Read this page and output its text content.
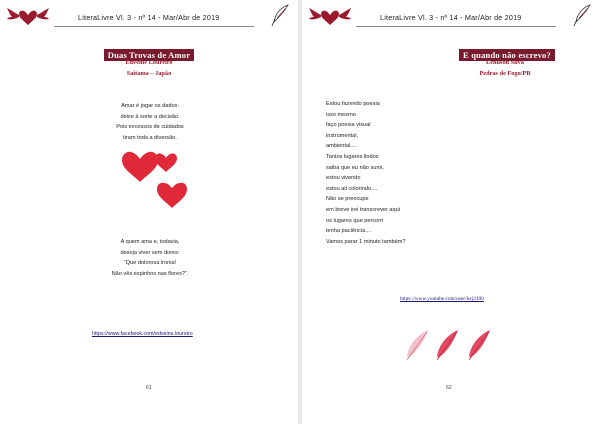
LiteraLivre Vl. 3 - nº 14 - Mar/Abr de 2019
Duas Trovas de Amor
Edveine Loureiro
Saitama – Japão
Amar é jogar os dados:
deixe à sorte a decisão.
Pois excessos de cuidados
tiram toda a diversão.
A quem ama e, todavia,
deseja viver sem dores:
“Que dolorosa ironia!
Não vês espinhos nas flores?”.
https://www.facebook.com/edveine.loureiro
61
LiteraLivre Vl. 3 - nº 14 - Mar/Abr de 2019
E quando não escrevo?
Lenilson Silva
Pedras de Fogo/PB
Estou fazendo poesia
isso mesmo
faço poesia visual
instrumental,
ambiental....
Tantos lugares lindos
saiba que eu não sumi,
estou vivendo
estou ali colorindo....
Não se preocupe
em breve irei transcrever aqui
os lugares que percorri
tenha paciência....
Vamos parar 1 minuto também?
https://www.youtube.com/user/lsrj2100
62
